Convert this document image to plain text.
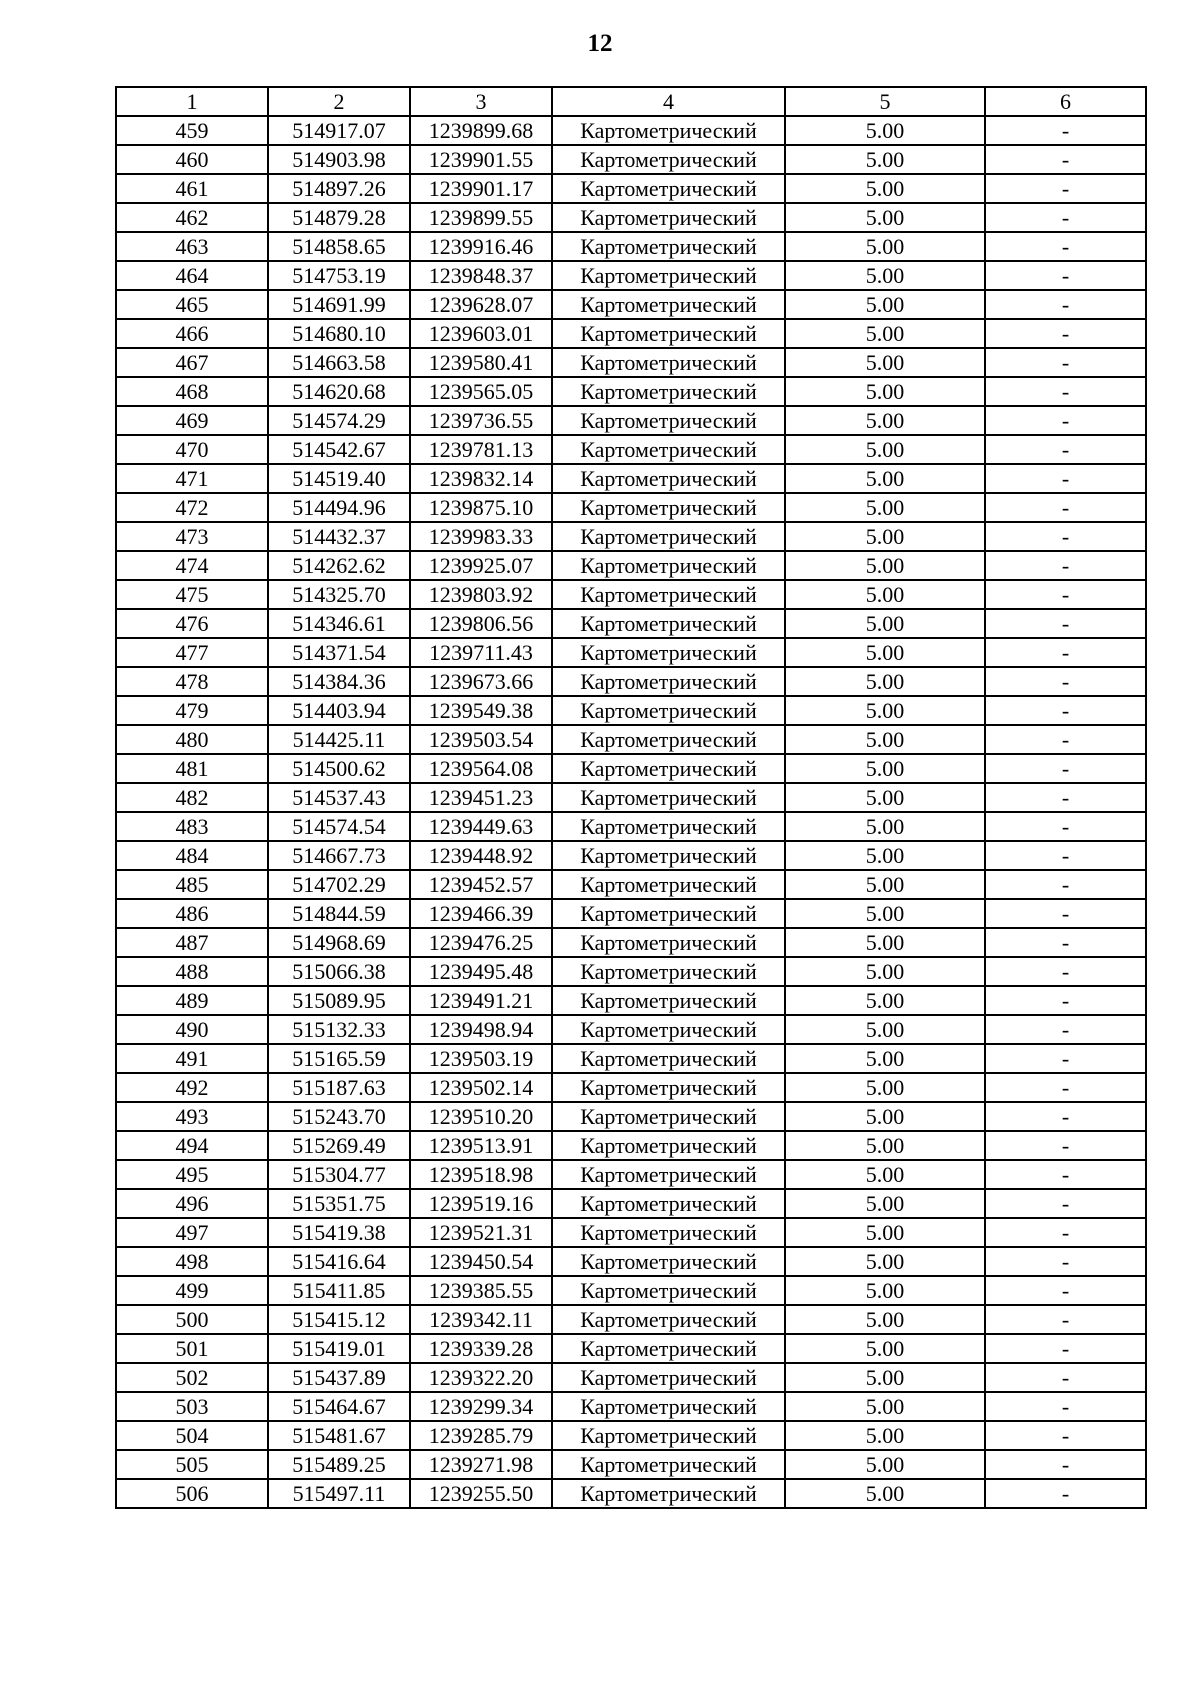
12
1	2	3	4	5	6
459	514917.07	1239899.68	Картометрический	5.00	-
460	514903.98	1239901.55	Картометрический	5.00	-
461	514897.26	1239901.17	Картометрический	5.00	-
462	514879.28	1239899.55	Картометрический	5.00	-
463	514858.65	1239916.46	Картометрический	5.00	-
464	514753.19	1239848.37	Картометрический	5.00	-
465	514691.99	1239628.07	Картометрический	5.00	-
466	514680.10	1239603.01	Картометрический	5.00	-
467	514663.58	1239580.41	Картометрический	5.00	-
468	514620.68	1239565.05	Картометрический	5.00	-
469	514574.29	1239736.55	Картометрический	5.00	-
470	514542.67	1239781.13	Картометрический	5.00	-
471	514519.40	1239832.14	Картометрический	5.00	-
472	514494.96	1239875.10	Картометрический	5.00	-
473	514432.37	1239983.33	Картометрический	5.00	-
474	514262.62	1239925.07	Картометрический	5.00	-
475	514325.70	1239803.92	Картометрический	5.00	-
476	514346.61	1239806.56	Картометрический	5.00	-
477	514371.54	1239711.43	Картометрический	5.00	-
478	514384.36	1239673.66	Картометрический	5.00	-
479	514403.94	1239549.38	Картометрический	5.00	-
480	514425.11	1239503.54	Картометрический	5.00	-
481	514500.62	1239564.08	Картометрический	5.00	-
482	514537.43	1239451.23	Картометрический	5.00	-
483	514574.54	1239449.63	Картометрический	5.00	-
484	514667.73	1239448.92	Картометрический	5.00	-
485	514702.29	1239452.57	Картометрический	5.00	-
486	514844.59	1239466.39	Картометрический	5.00	-
487	514968.69	1239476.25	Картометрический	5.00	-
488	515066.38	1239495.48	Картометрический	5.00	-
489	515089.95	1239491.21	Картометрический	5.00	-
490	515132.33	1239498.94	Картометрический	5.00	-
491	515165.59	1239503.19	Картометрический	5.00	-
492	515187.63	1239502.14	Картометрический	5.00	-
493	515243.70	1239510.20	Картометрический	5.00	-
494	515269.49	1239513.91	Картометрический	5.00	-
495	515304.77	1239518.98	Картометрический	5.00	-
496	515351.75	1239519.16	Картометрический	5.00	-
497	515419.38	1239521.31	Картометрический	5.00	-
498	515416.64	1239450.54	Картометрический	5.00	-
499	515411.85	1239385.55	Картометрический	5.00	-
500	515415.12	1239342.11	Картометрический	5.00	-
501	515419.01	1239339.28	Картометрический	5.00	-
502	515437.89	1239322.20	Картометрический	5.00	-
503	515464.67	1239299.34	Картометрический	5.00	-
504	515481.67	1239285.79	Картометрический	5.00	-
505	515489.25	1239271.98	Картометрический	5.00	-
506	515497.11	1239255.50	Картометрический	5.00	-
